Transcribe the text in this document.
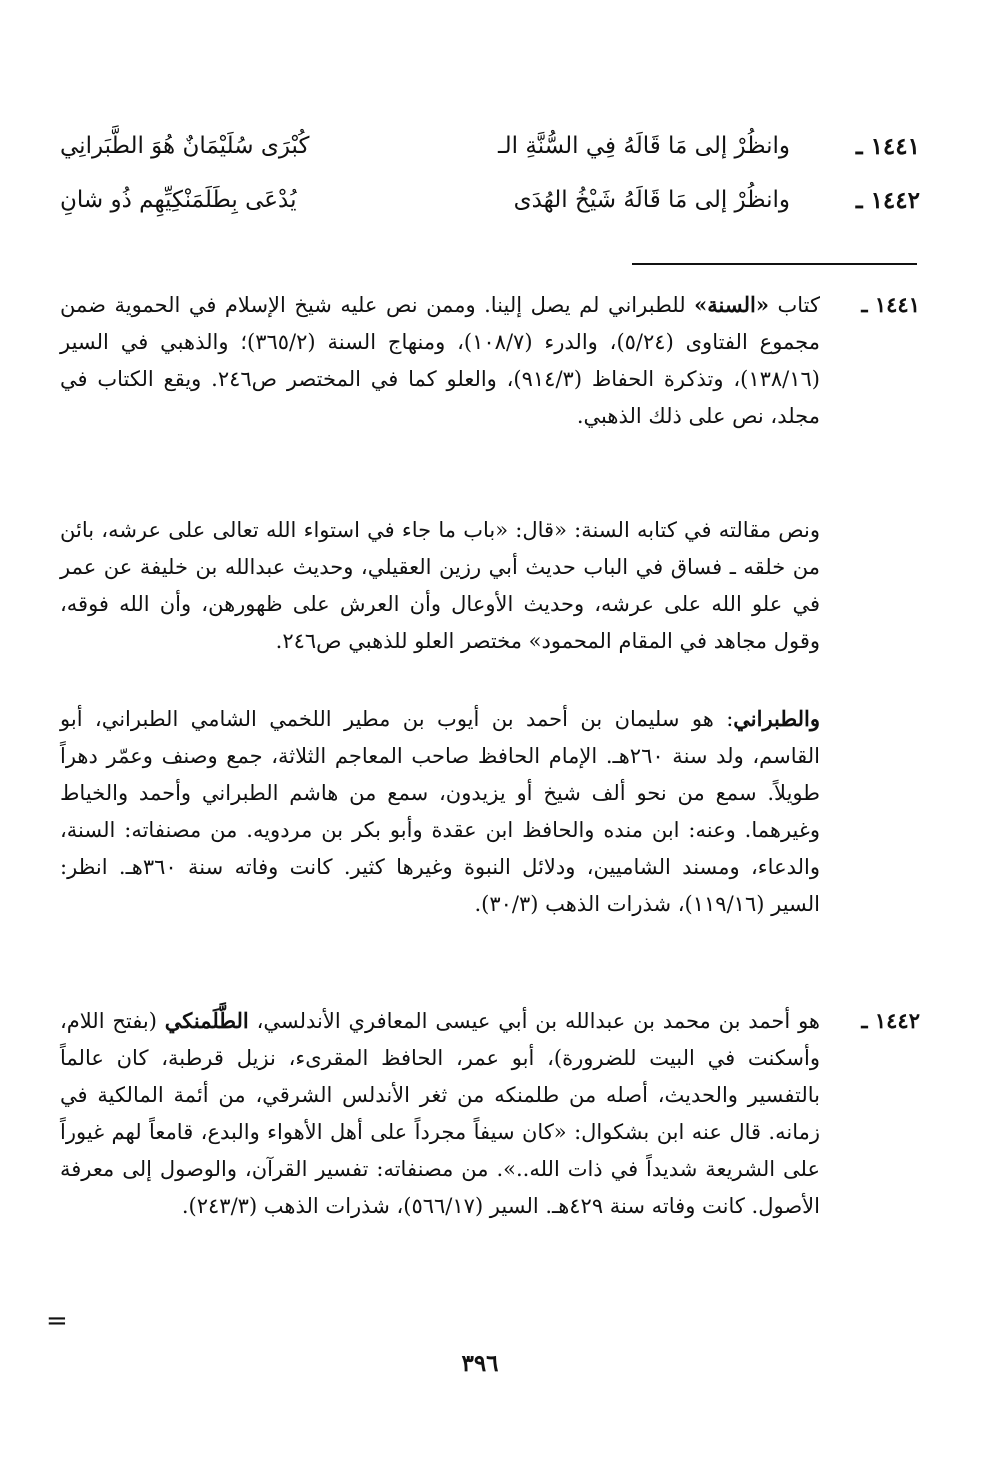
١٤٤١ ـ
وانظُرْ إلى مَا قَالَهُ فِي السُّنَّةِ الـ
كُبْرَى سُلَيْمَانٌ هُوَ الطَّبَرانِي
١٤٤٢ ـ
وانظُرْ إلى مَا قَالَهُ شَيْخُ الهُدَى
يُدْعَى بِطَلَمَنْكِيِّهِم ذُو شانِ
١٤٤١ ـ

كتاب «السنة» للطبراني لم يصل إلينا. وممن نص عليه شيخ الإسلام في الحموية ضمن مجموع الفتاوى (٥/٢٤)، والدرء (١٠٨/٧)، ومنهاج السنة (٣٦٥/٢)؛ والذهبي في السير (١٣٨/١٦)، وتذكرة الحفاظ (٩١٤/٣)، والعلو كما في المختصر ص٢٤٦. ويقع الكتاب في مجلد، نص على ذلك الذهبي.

ونص مقالته في كتابه السنة: «قال: «باب ما جاء في استواء الله تعالى على عرشه، بائن من خلقه ـ فساق في الباب حديث أبي رزين العقيلي، وحديث عبدالله بن خليفة عن عمر في علو الله على عرشه، وحديث الأوعال وأن العرش على ظهورهن، وأن الله فوقه، وقول مجاهد في المقام المحمود» مختصر العلو للذهبي ص٢٤٦.

والطبراني: هو سليمان بن أحمد بن أيوب بن مطير اللخمي الشامي الطبراني، أبو القاسم، ولد سنة ٢٦٠هـ. الإمام الحافظ صاحب المعاجم الثلاثة، جمع وصنف وعمّر دهراً طويلاً. سمع من نحو ألف شيخ أو يزيدون، سمع من هاشم الطبراني وأحمد والخياط وغيرهما. وعنه: ابن منده والحافظ ابن عقدة وأبو بكر بن مردويه. من مصنفاته: السنة، والدعاء، ومسند الشاميين، ودلائل النبوة وغيرها كثير. كانت وفاته سنة ٣٦٠هـ. انظر: السير (١١٩/١٦)، شذرات الذهب (٣٠/٣).

١٤٤٢ ـ

هو أحمد بن محمد بن عبدالله بن أبي عيسى المعافري الأندلسي، الطَّلَمنكي (بفتح اللام، وأسكنت في البيت للضرورة)، أبو عمر، الحافظ المقرىء، نزيل قرطبة، كان عالماً بالتفسير والحديث، أصله من طلمنكه من ثغر الأندلس الشرقي، من أئمة المالكية في زمانه. قال عنه ابن بشكوال: «كان سيفاً مجرداً على أهل الأهواء والبدع، قامعاً لهم غيوراً على الشريعة شديداً في ذات الله..». من مصنفاته: تفسير القرآن، والوصول إلى معرفة الأصول. كانت وفاته سنة ٤٢٩هـ. السير (٥٦٦/١٧)، شذرات الذهب (٢٤٣/٣).

=
٣٩٦
